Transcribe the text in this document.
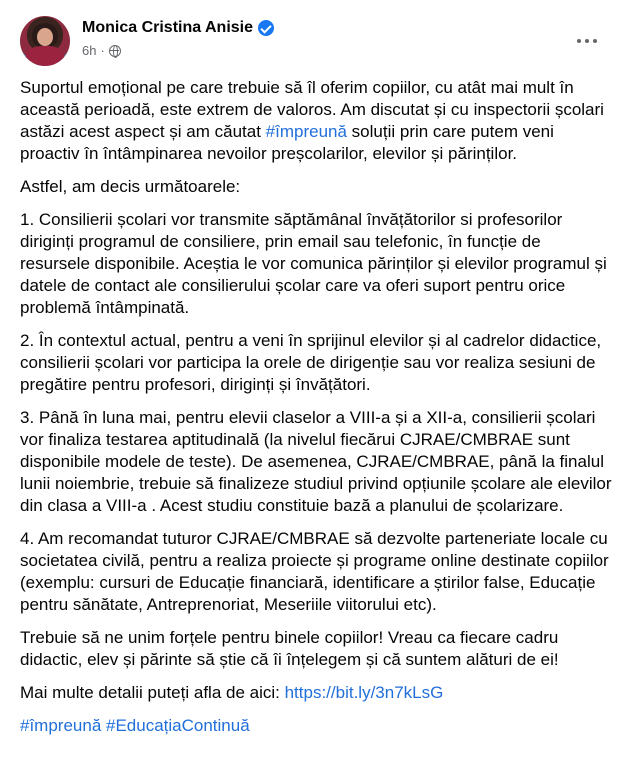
Monica Cristina Anisie
6h ·

Suportul emoțional pe care trebuie să îl oferim copiilor, cu atât mai mult în această perioadă, este extrem de valoros. Am discutat și cu inspectorii școlari astăzi acest aspect și am căutat #împreună soluții prin care putem veni proactiv în întâmpinarea nevoilor preșcolarilor, elevilor și părinților.

Astfel, am decis următoarele:

1. Consilierii școlari vor transmite săptămânal învățătorilor si profesorilor diriginți programul de consiliere, prin email sau telefonic, în funcție de resursele disponibile. Aceștia le vor comunica părinților și elevilor programul și datele de contact ale consilierului școlar care va oferi suport pentru orice problemă întâmpinată.

2. În contextul actual, pentru a veni în sprijinul elevilor și al cadrelor didactice, consilierii școlari vor participa la orele de dirigenție sau vor realiza sesiuni de pregătire pentru profesori, diriginți și învățători.

3. Până în luna mai, pentru elevii claselor a VIII-a și a XII-a, consilierii școlari vor finaliza testarea aptitudinală (la nivelul fiecărui CJRAE/CMBRAE sunt disponibile modele de teste). De asemenea, CJRAE/CMBRAE, până la finalul lunii noiembrie, trebuie să finalizeze studiul privind opțiunile școlare ale elevilor din clasa a VIII-a . Acest studiu constituie bază a planului de școlarizare.

4. Am recomandat tuturor CJRAE/CMBRAE să dezvolte parteneriate locale cu societatea civilă, pentru a realiza proiecte și programe online destinate copiilor (exemplu: cursuri de Educație financiară, identificare a știrilor false, Educație pentru sănătate, Antreprenoriat, Meseriile viitorului etc).

Trebuie să ne unim forțele pentru binele copiilor! Vreau ca fiecare cadru didactic, elev și părinte să știe că îi înțelegem și că suntem alături de ei!

Mai multe detalii puteți afla de aici: https://bit.ly/3n7kLsG

#împreună #EducațiaContinuă
